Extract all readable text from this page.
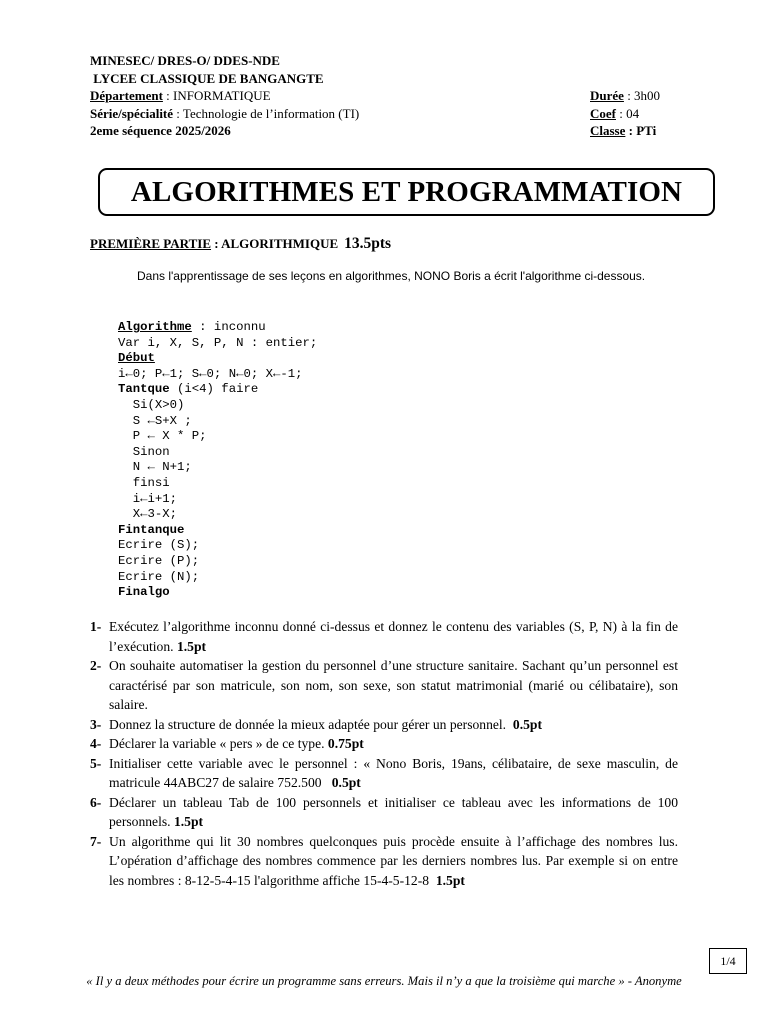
MINESEC/ DRES-O/ DDES-NDE
LYCEE CLASSIQUE DE BANGANGTE
Département : INFORMATIQUE	Durée : 3h00
Série/spécialité : Technologie de l’information (TI)	Coef : 04
2eme séquence 2025/2026	Classe : PTi
ALGORITHMES ET PROGRAMMATION
PREMIÈRE PARTIE : ALGORITHMIQUE 13.5pts
Dans l'apprentissage de ses leçons en algorithmes, NONO Boris a écrit l'algorithme ci-dessous.
Algorithme : inconnu
Var i, X, S, P, N : entier;
Début
i←0; P←1; S←0; N←0; X←-1;
Tantque (i<4) faire
Si(X>0)
S ←S+X ;
P ← X * P;
Sinon
N ← N+1;
finsi
i←i+1;
X←3-X;
Fintanque
Ecrire (S);
Ecrire (P);
Ecrire (N);
Finalgo
1- Exécutez l’algorithme inconnu donné ci-dessus et donnez le contenu des variables (S, P, N) à la fin de l’exécution. 1.5pt
2- On souhaite automatiser la gestion du personnel d’une structure sanitaire. Sachant qu’un personnel est caractérisé par son matricule, son nom, son sexe, son statut matrimonial (marié ou célibataire), son salaire.
3- Donnez la structure de donnée la mieux adaptée pour gérer un personnel. 0.5pt
4- Déclarer la variable « pers » de ce type. 0.75pt
5- Initialiser cette variable avec le personnel : « Nono Boris, 19ans, célibataire, de sexe masculin, de matricule 44ABC27 de salaire 752.500 0.5pt
6- Déclarer un tableau Tab de 100 personnels et initialiser ce tableau avec les informations de 100 personnels. 1.5pt
7- Un algorithme qui lit 30 nombres quelconques puis procède ensuite à l’affichage des nombres lus. L’opération d’affichage des nombres commence par les derniers nombres lus. Par exemple si on entre les nombres : 8-12-5-4-15 l'algorithme affiche 15-4-5-12-8 1.5pt
1/4
« Il y a deux méthodes pour écrire un programme sans erreurs. Mais il n’y a que la troisième qui marche » - Anonyme
